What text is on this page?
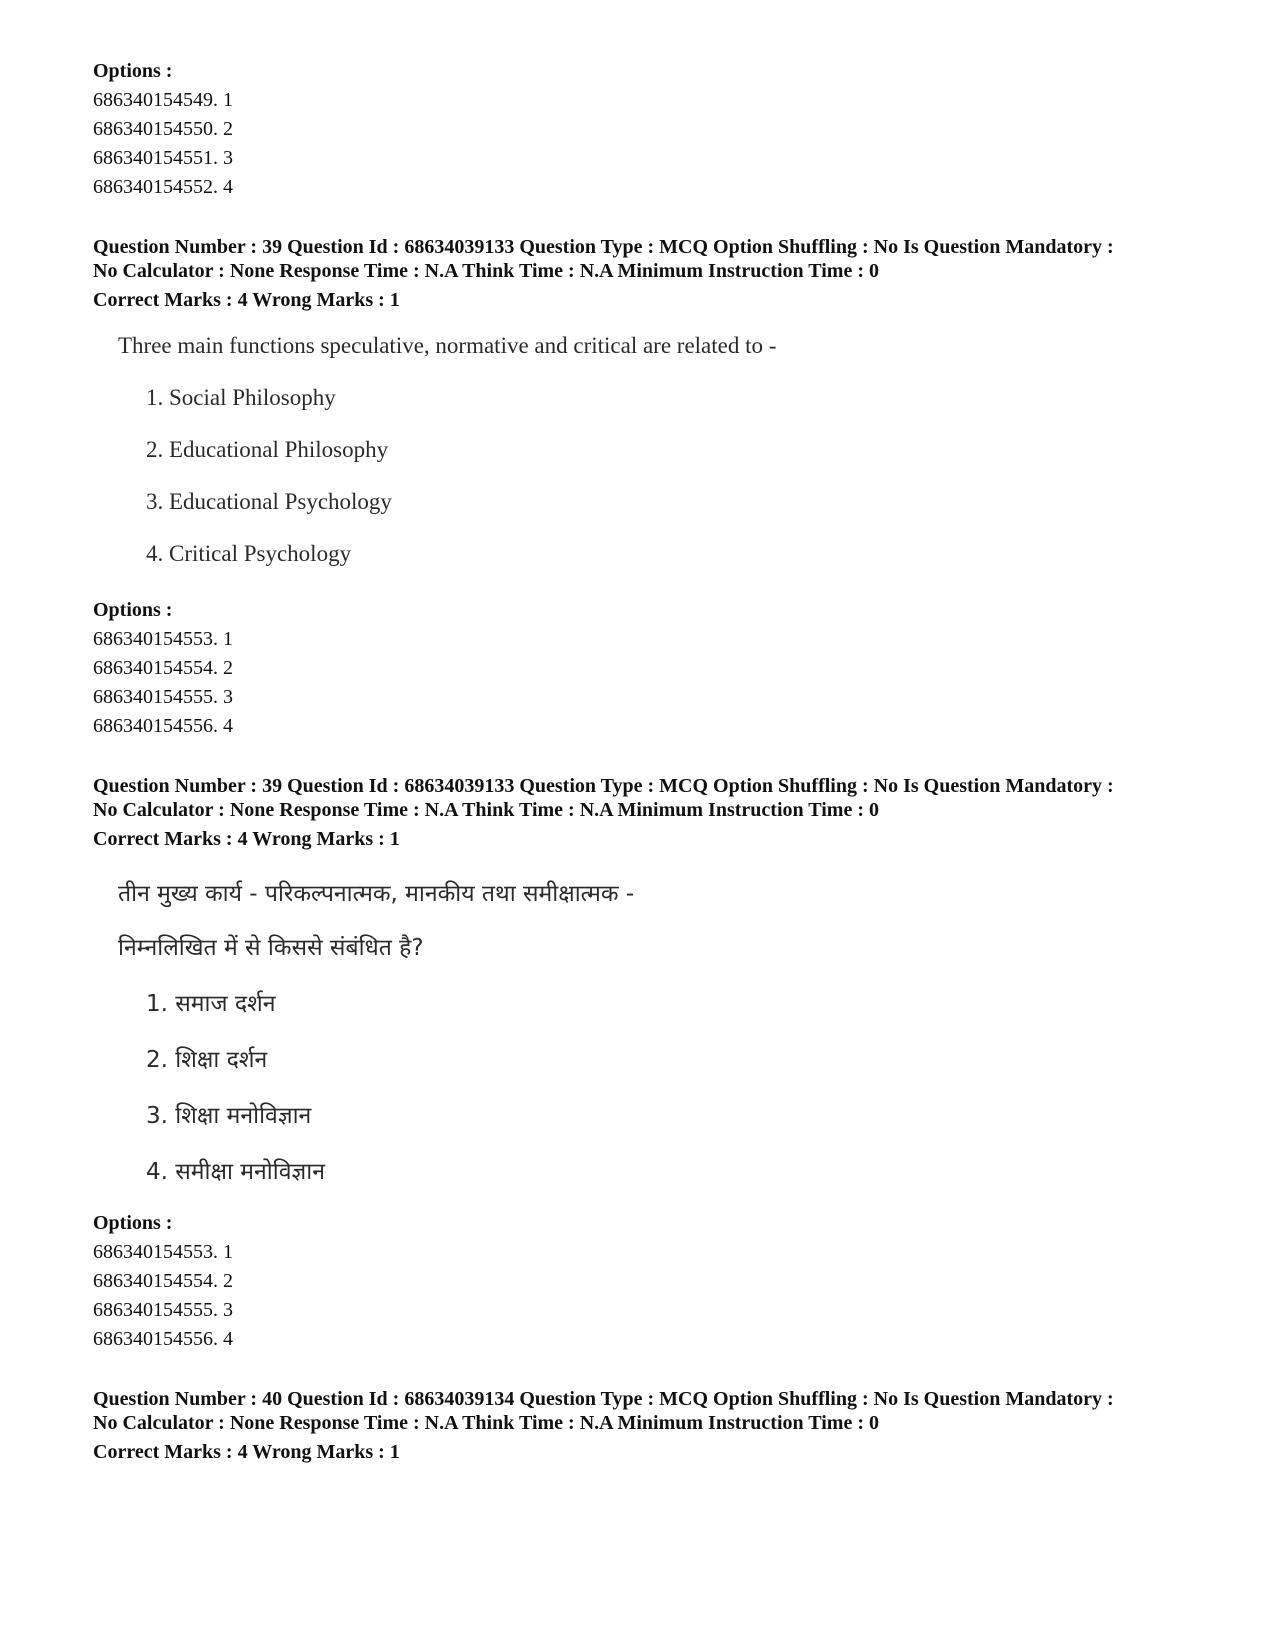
Options :
686340154549. 1
686340154550. 2
686340154551. 3
686340154552. 4
Question Number : 39 Question Id : 68634039133 Question Type : MCQ Option Shuffling : No Is Question Mandatory :
No Calculator : None Response Time : N.A Think Time : N.A Minimum Instruction Time : 0
Correct Marks : 4 Wrong Marks : 1
Three main functions speculative, normative and critical are related to -
1. Social Philosophy
2. Educational Philosophy
3. Educational Psychology
4. Critical Psychology
Options :
686340154553. 1
686340154554. 2
686340154555. 3
686340154556. 4
Question Number : 39 Question Id : 68634039133 Question Type : MCQ Option Shuffling : No Is Question Mandatory :
No Calculator : None Response Time : N.A Think Time : N.A Minimum Instruction Time : 0
Correct Marks : 4 Wrong Marks : 1
तीन मुख्य कार्य - परिकल्पनात्मक, मानकीय तथा समीक्षात्मक -
निम्नलिखित में से किससे संबंधित है?
1. समाज दर्शन
2. शिक्षा दर्शन
3. शिक्षा मनोविज्ञान
4. समीक्षा मनोविज्ञान
Options :
686340154553. 1
686340154554. 2
686340154555. 3
686340154556. 4
Question Number : 40 Question Id : 68634039134 Question Type : MCQ Option Shuffling : No Is Question Mandatory :
No Calculator : None Response Time : N.A Think Time : N.A Minimum Instruction Time : 0
Correct Marks : 4 Wrong Marks : 1
